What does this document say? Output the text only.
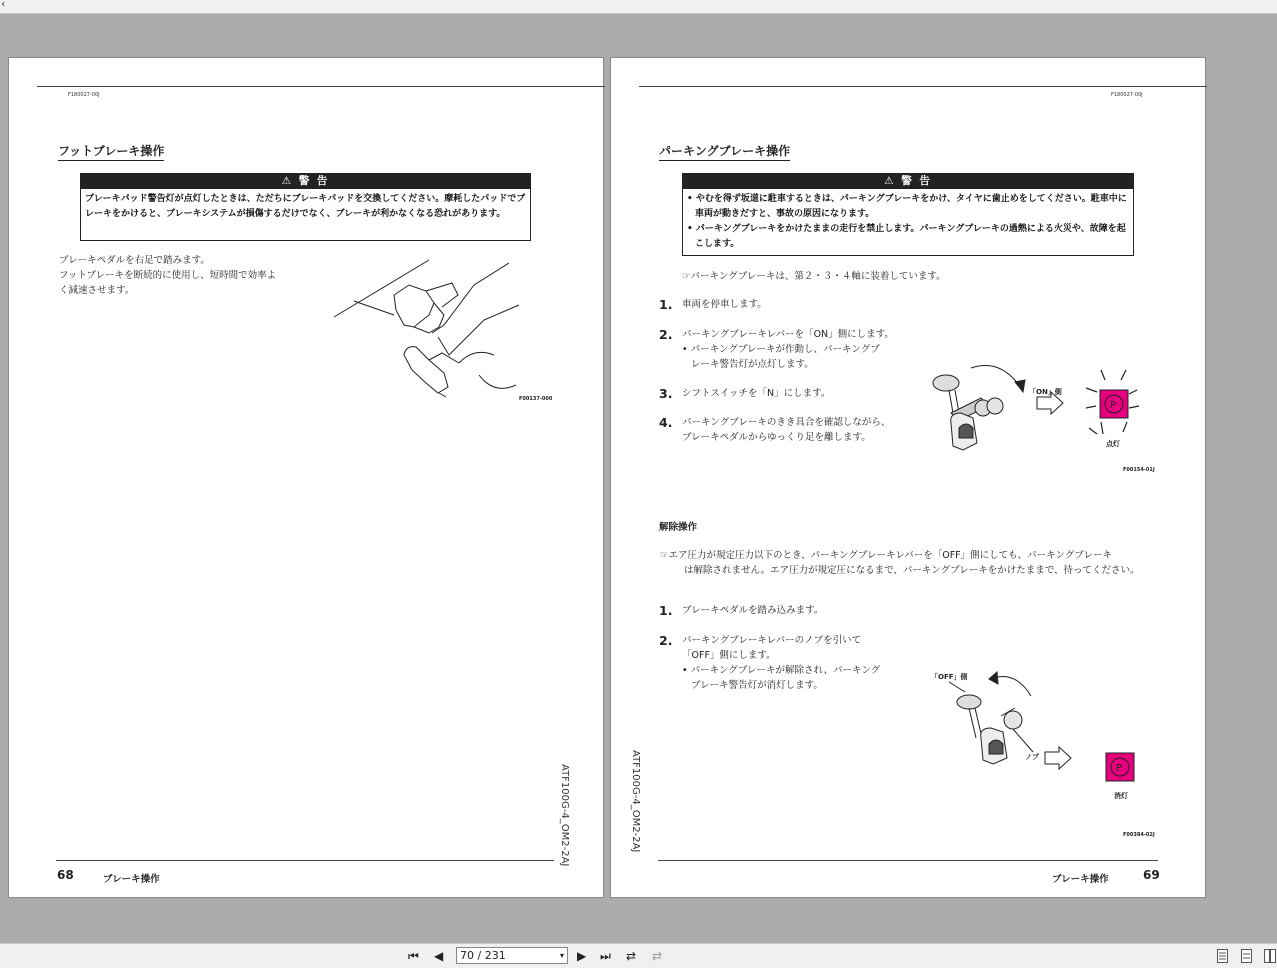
‹
F180027-00J
フットブレーキ操作
⚠ 警 告
ブレーキパッド警告灯が点灯したときは、ただちにブレーキパッドを交換してください。摩耗したパッドでブレーキをかけると、ブレーキシステムが損傷するだけでなく、ブレーキが利かなくなる恐れがあります。
ブレーキペダルを右足で踏みます。
フットブレーキを断続的に使用し、短時間で効率よ
く減速させます。
F00137-000
ATF100G-4_OM2-2AJ
68	ブレーキ操作
F180027-00J
パーキングブレーキ操作
⚠ 警 告
• やむを得ず坂道に駐車するときは、パーキングブレーキをかけ、タイヤに歯止めをしてください。駐車中に車両が動きだすと、事故の原因になります。
• パーキングブレーキをかけたままの走行を禁止します。パーキングブレーキの過熱による火災や、故障を起こします。
☞パーキングブレーキは、第２・３・４軸に装着しています。
1. 車両を停車します。
2. パーキングブレーキレバーを「ON」側にします。
• パーキングブレーキが作動し、パーキングブ
レーキ警告灯が点灯します。
3. シフトスイッチを「N」にします。
4. パーキングブレーキのきき具合を確認しながら、
ブレーキペダルからゆっくり足を離します。
「ON」側
P
点灯
F00154-01J
解除操作
☞エア圧力が規定圧力以下のとき、パーキングブレーキレバーを「OFF」側にしても、パーキングブレーキ
は解除されません。エア圧力が規定圧になるまで、パーキングブレーキをかけたままで、待ってください。
1. ブレーキペダルを踏み込みます。
2. パーキングブレーキレバーのノブを引いて
「OFF」側にします。
• パーキングブレーキが解除され、パーキング
ブレーキ警告灯が消灯します。
「OFF」側
ノブ
P
消灯
F00384-02J
ATF100G-4_OM2-2AJ
ブレーキ操作	69
⏮ ◀	70 / 231	▾ ▶ ⏭ ⇄ ⇄
